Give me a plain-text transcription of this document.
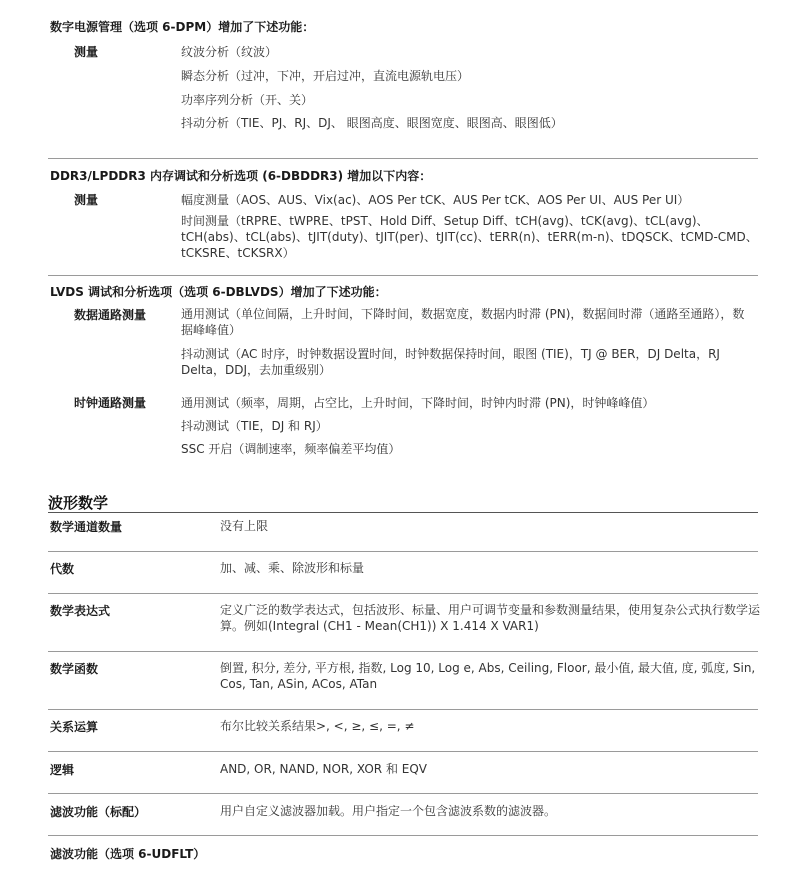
数字电源管理（选项 6-DPM）增加了下述功能：
测量	纹波分析（纹波）
瞬态分析（过冲，下冲，开启过冲，直流电源轨电压）
功率序列分析（开、关）
抖动分析（TIE、PJ、RJ、DJ、 眼图高度、眼图宽度、眼图高、眼图低）
DDR3/LPDDR3 内存调试和分析选项 (6-DBDDR3) 增加以下内容：
测量	幅度测量（AOS、AUS、Vix(ac)、AOS Per tCK、AUS Per tCK、AOS Per UI、AUS Per UI）
时间测量（tRPRE、tWPRE、tPST、Hold Diff、Setup Diff、tCH(avg)、tCK(avg)、tCL(avg)、tCH(abs)、tCL(abs)、tJIT(duty)、tJIT(per)、tJIT(cc)、tERR(n)、tERR(m-n)、tDQSCK、tCMD-CMD、tCKSRE、tCKSRX）
LVDS 调试和分析选项（选项 6-DBLVDS）增加了下述功能：
数据通路测量	通用测试（单位间隔，上升时间，下降时间，数据宽度，数据内时滞 (PN)，数据间时滞（通路至通路），数据峰峰值）
抖动测试（AC 时序，时钟数据设置时间，时钟数据保持时间，眼图 (TIE)，TJ @ BER，DJ Delta，RJ Delta，DDJ，去加重级别）
时钟通路测量	通用测试（频率，周期，占空比，上升时间，下降时间，时钟内时滞 (PN)，时钟峰峰值）
抖动测试（TIE，DJ 和 RJ）
SSC 开启（调制速率，频率偏差平均值）
波形数学
数学通道数量	没有上限
代数	加、减、乘、除波形和标量
数学表达式	定义广泛的数学表达式，包括波形、标量、用户可调节变量和参数测量结果，使用复杂公式执行数学运算。例如(Integral (CH1 - Mean(CH1)) X 1.414 X VAR1)
数学函数	倒置, 积分, 差分, 平方根, 指数, Log 10, Log e, Abs, Ceiling, Floor, 最小值, 最大值, 度, 弧度, Sin, Cos, Tan, ASin, ACos, ATan
关系运算	布尔比较关系结果>, <, ≥, ≤, =, ≠
逻辑	AND, OR, NAND, NOR, XOR 和 EQV
滤波功能（标配）	用户自定义滤波器加载。用户指定一个包含滤波系数的滤波器。
滤波功能（选项 6-UDFLT）
